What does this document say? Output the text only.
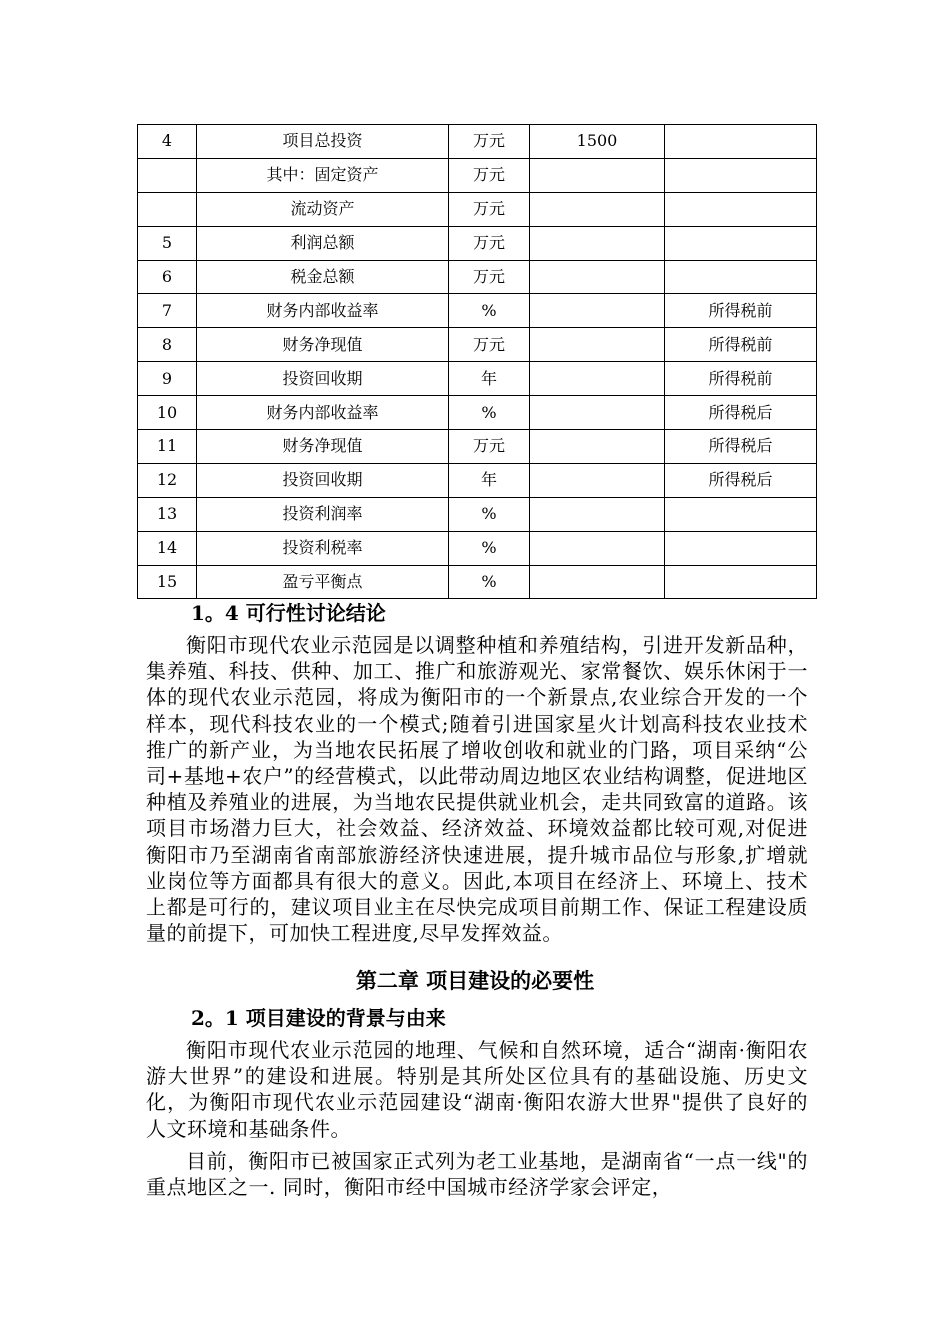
4	项目总投资	万元	1500	
	其中：固定资产	万元		
	流动资产	万元		
5	利润总额	万元		
6	税金总额	万元		
7	财务内部收益率	%		所得税前
8	财务净现值	万元		所得税前
9	投资回收期	年		所得税前
10	财务内部收益率	%		所得税后
11	财务净现值	万元		所得税后
12	投资回收期	年		所得税后
13	投资利润率	%		
14	投资利税率	%		
15	盈亏平衡点	%		
1。4 可行性讨论结论

衡阳市现代农业示范园是以调整种植和养殖结构，引进开发新品种，集养殖、科技、供种、加工、推广和旅游观光、家常餐饮、娱乐休闲于一体的现代农业示范园，将成为衡阳市的一个新景点,农业综合开发的一个样本，现代科技农业的一个模式;随着引进国家星火计划高科技农业技术推广的新产业，为当地农民拓展了增收创收和就业的门路，项目采纳“公司+基地+农户”的经营模式，以此带动周边地区农业结构调整，促进地区种植及养殖业的进展，为当地农民提供就业机会，走共同致富的道路。该项目市场潜力巨大，社会效益、经济效益、环境效益都比较可观,对促进衡阳市乃至湖南省南部旅游经济快速进展，提升城市品位与形象,扩增就业岗位等方面都具有很大的意义。因此,本项目在经济上、环境上、技术上都是可行的，建议项目业主在尽快完成项目前期工作、保证工程建设质量的前提下，可加快工程进度,尽早发挥效益。

第二章 项目建设的必要性
2。1 项目建设的背景与由来

衡阳市现代农业示范园的地理、气候和自然环境，适合“湖南·衡阳农游大世界”的建设和进展。特别是其所处区位具有的基础设施、历史文化，为衡阳市现代农业示范园建设“湖南·衡阳农游大世界"提供了良好的人文环境和基础条件。

目前，衡阳市已被国家正式列为老工业基地，是湖南省“一点一线"的重点地区之一. 同时，衡阳市经中国城市经济学家会评定，
